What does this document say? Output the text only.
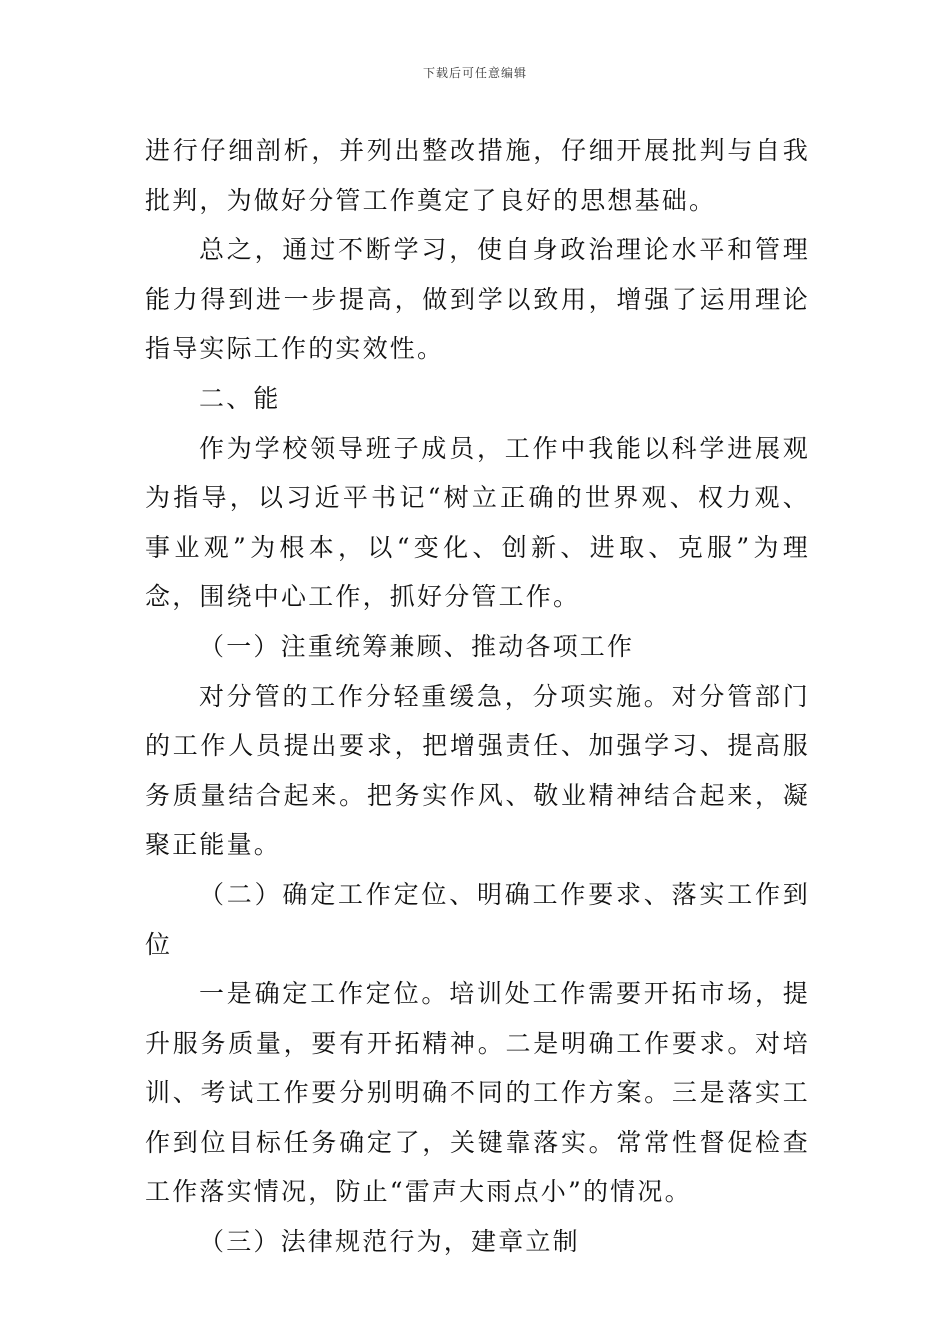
下载后可任意编辑

进行仔细剖析，并列出整改措施，仔细开展批判与自我批判，为做好分管工作奠定了良好的思想基础。

总之，通过不断学习，使自身政治理论水平和管理能力得到进一步提高，做到学以致用，增强了运用理论指导实际工作的实效性。

二、能

作为学校领导班子成员，工作中我能以科学进展观为指导，以习近平书记“树立正确的世界观、权力观、事业观”为根本，以“变化、创新、进取、克服”为理念，围绕中心工作，抓好分管工作。

（一）注重统筹兼顾、推动各项工作

对分管的工作分轻重缓急，分项实施。对分管部门的工作人员提出要求，把增强责任、加强学习、提高服务质量结合起来。把务实作风、敬业精神结合起来，凝聚正能量。

（二）确定工作定位、明确工作要求、落实工作到位

一是确定工作定位。培训处工作需要开拓市场，提升服务质量，要有开拓精神。二是明确工作要求。对培训、考试工作要分别明确不同的工作方案。三是落实工作到位目标任务确定了，关键靠落实。常常性督促检查工作落实情况，防止“雷声大雨点小”的情况。

（三）法律规范行为，建章立制
